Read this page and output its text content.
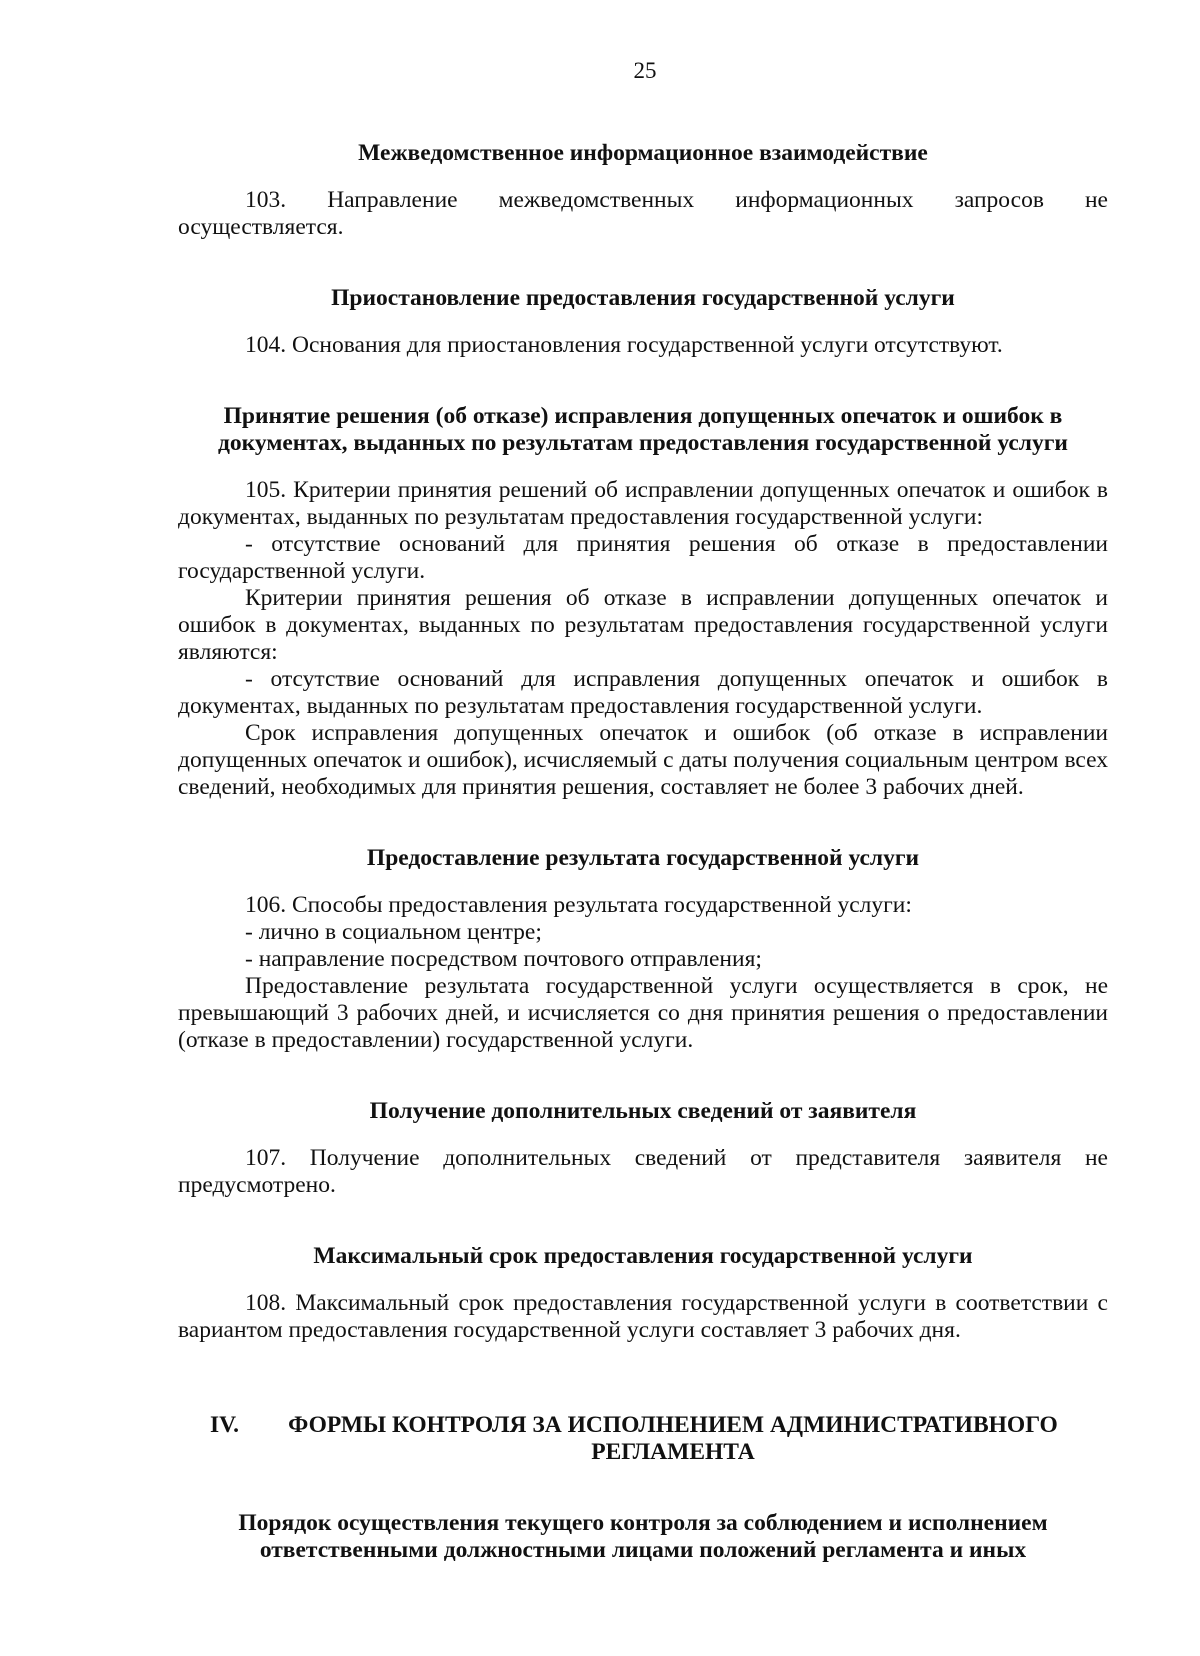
25

Межведомственное информационное взаимодействие

103. Направление межведомственных информационных запросов не

осуществляется.

Приостановление предоставления государственной услуги

104. Основания для приостановления государственной услуги отсутствуют.

Принятие решения (об отказе) исправления допущенных опечаток и ошибок в документах, выданных по результатам предоставления государственной услуги

105. Критерии принятия решений об исправлении допущенных опечаток и ошибок в документах, выданных по результатам предоставления государственной услуги:

- отсутствие оснований для принятия решения об отказе в предоставлении государственной услуги.

Критерии принятия решения об отказе в исправлении допущенных опечаток и ошибок в документах, выданных по результатам предоставления государственной услуги являются:

- отсутствие оснований для исправления допущенных опечаток и ошибок в документах, выданных по результатам предоставления государственной услуги.

Срок исправления допущенных опечаток и ошибок (об отказе в исправлении допущенных опечаток и ошибок), исчисляемый с даты получения социальным центром всех сведений, необходимых для принятия решения, составляет не более 3 рабочих дней.

Предоставление результата государственной услуги

106. Способы предоставления результата государственной услуги:

- лично в социальном центре;

- направление посредством почтового отправления;

Предоставление результата государственной услуги осуществляется в срок, не превышающий 3 рабочих дней, и исчисляется со дня принятия решения о предоставлении (отказе в предоставлении) государственной услуги.

Получение дополнительных сведений от заявителя

107. Получение дополнительных сведений от представителя заявителя не предусмотрено.

Максимальный срок предоставления государственной услуги

108. Максимальный срок предоставления государственной услуги в соответствии с вариантом предоставления государственной услуги составляет 3 рабочих дня.

IV.	ФОРМЫ КОНТРОЛЯ ЗА ИСПОЛНЕНИЕМ АДМИНИСТРАТИВНОГО РЕГЛАМЕНТА

Порядок осуществления текущего контроля за соблюдением и исполнением ответственными должностными лицами положений регламента и иных
